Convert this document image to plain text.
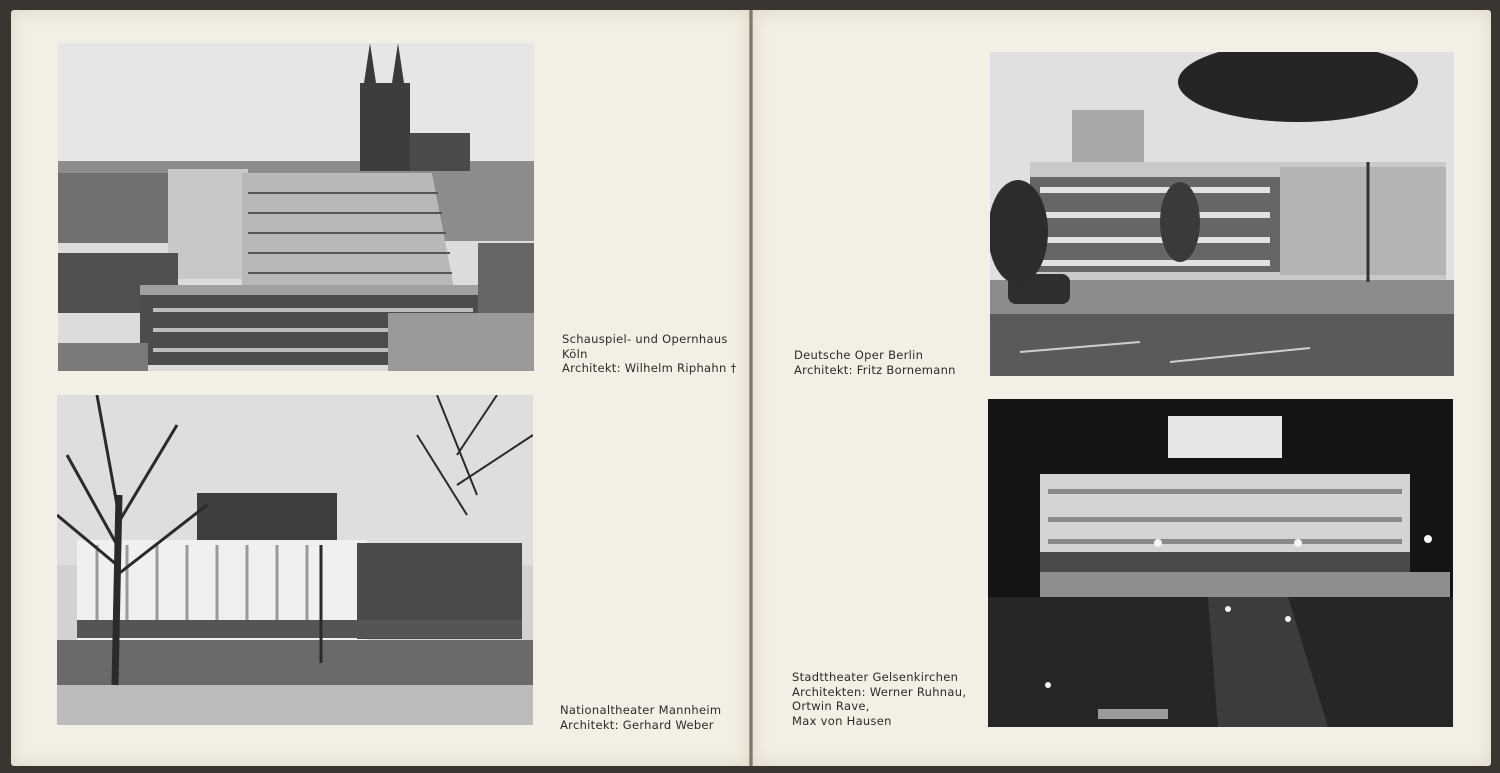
Schauspiel- und Opernhaus
Köln
Architekt: Wilhelm Riphahn †
Nationaltheater Mannheim
Architekt: Gerhard Weber
Deutsche Oper Berlin
Architekt: Fritz Bornemann
Stadttheater Gelsenkirchen
Architekten: Werner Ruhnau,
Ortwin Rave,
Max von Hausen
